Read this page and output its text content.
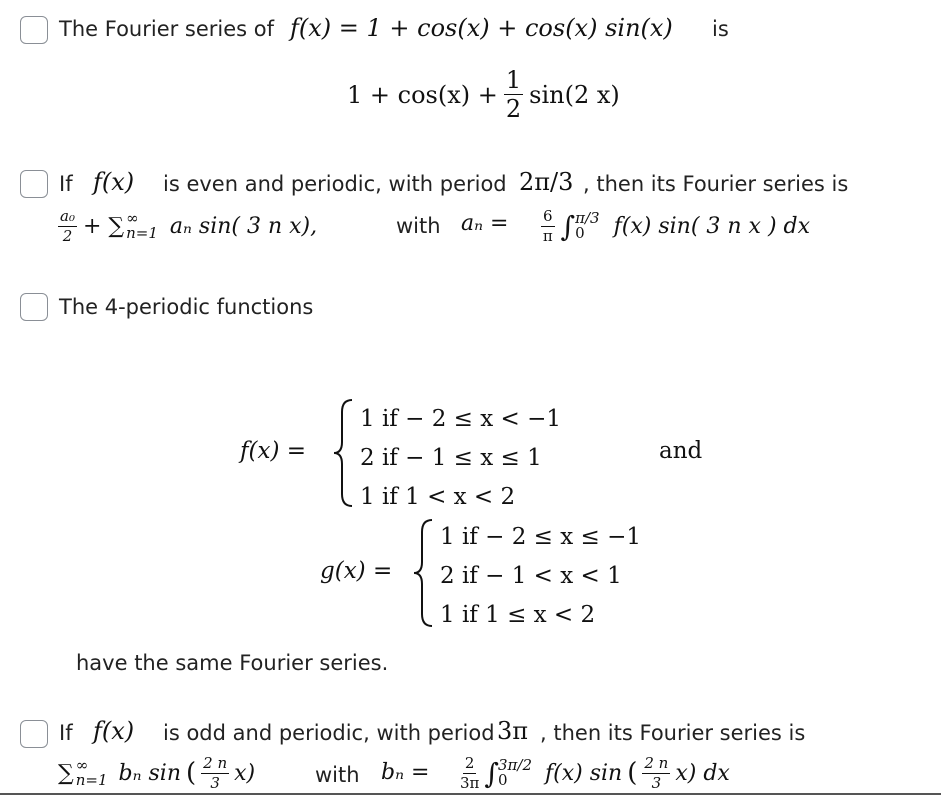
The Fourier series of f(x) = 1 + cos(x) + cos(x) sin(x) is
$1 + \cos(x) + \frac{1}{2} \sin(2$ x)
If f(x) is even and periodic, with period 2π/3 , then its Fourier series is
$\frac{\text{a₀}}{2}$ + ∑ ∞
n=1 aₙ sin( 3 n x),	with $a_n = \frac{6}{\pi}$ ∫ π/3
0	f(x) sin( 3 n x ) dx
The 4-periodic functions
f(x) =
1 if − 2 ≤ x < −1
2 if − 1 ≤ x ≤ 1
1 if 1 < x < 2
and
g(x) =
1 if − 2 ≤ x ≤ −1
2 if − 1 < x < 1
1 if 1 ≤ x < 2
have the same Fourier series.
If f(x) is odd and periodic, with period 3π , then its Fourier series is
∑ ∞
n=1 bₙ sin ( $\frac{2 n}{3} x$)	with $b_n = \frac{2}{3\pi}$ ∫ 3π/2
0	f(x) sin ( $\frac{2 n}{3} x$) dx
